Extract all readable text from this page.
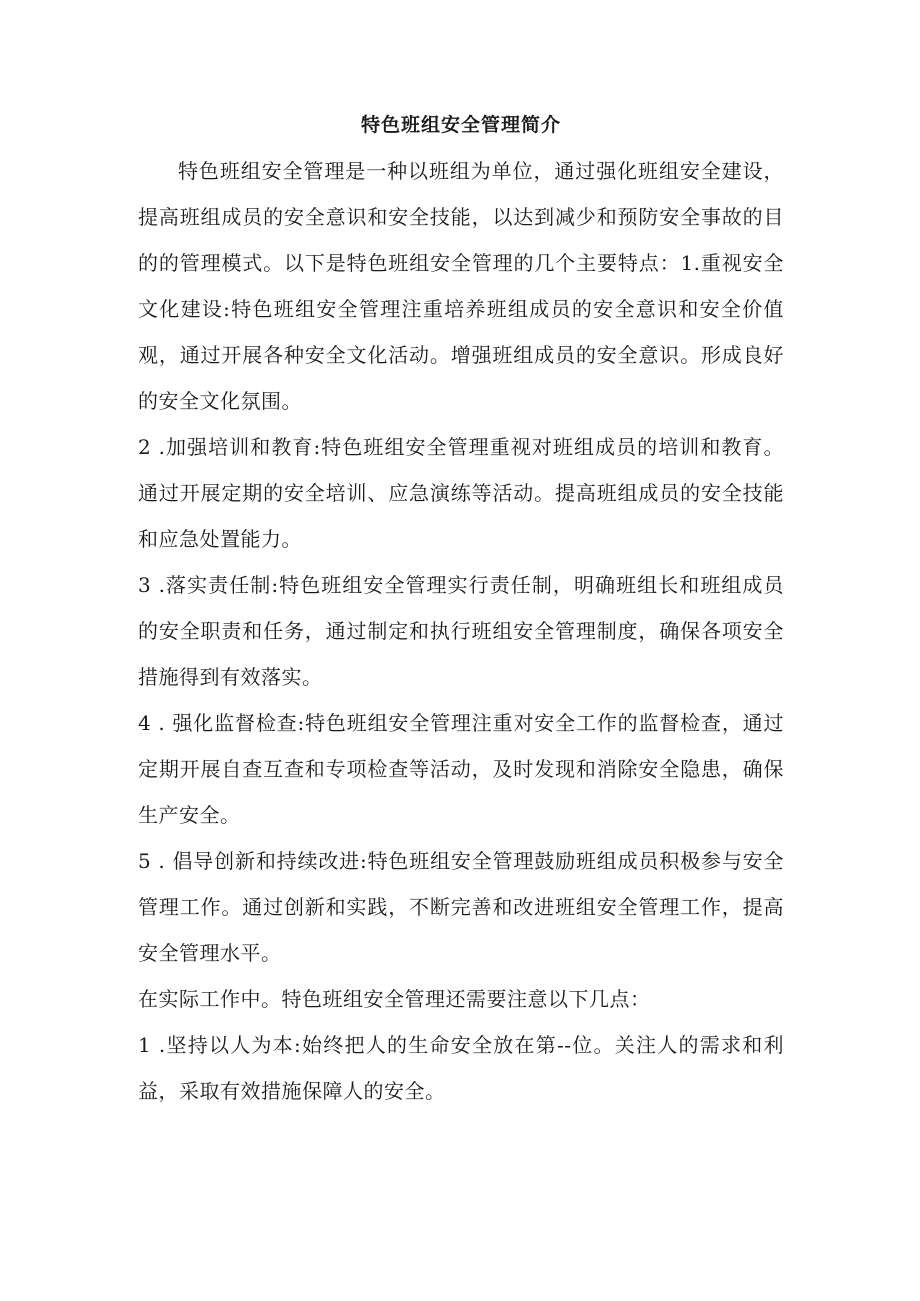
特色班组安全管理简介

特色班组安全管理是一种以班组为单位，通过强化班组安全建设，提高班组成员的安全意识和安全技能，以达到减少和预防安全事故的目的的管理模式。以下是特色班组安全管理的几个主要特点：1.重视安全文化建设:特色班组安全管理注重培养班组成员的安全意识和安全价值观，通过开展各种安全文化活动。增强班组成员的安全意识。形成良好的安全文化氛围。

2 .加强培训和教育:特色班组安全管理重视对班组成员的培训和教育。通过开展定期的安全培训、应急演练等活动。提高班组成员的安全技能和应急处置能力。

3 .落实责任制:特色班组安全管理实行责任制，明确班组长和班组成员的安全职责和任务，通过制定和执行班组安全管理制度，确保各项安全措施得到有效落实。

4 . 强化监督检查:特色班组安全管理注重对安全工作的监督检查，通过定期开展自查互查和专项检查等活动，及时发现和消除安全隐患，确保生产安全。

5 . 倡导创新和持续改进:特色班组安全管理鼓励班组成员积极参与安全管理工作。通过创新和实践，不断完善和改进班组安全管理工作，提高安全管理水平。

在实际工作中。特色班组安全管理还需要注意以下几点：

1 .坚持以人为本:始终把人的生命安全放在第--位。关注人的需求和利益，采取有效措施保障人的安全。
